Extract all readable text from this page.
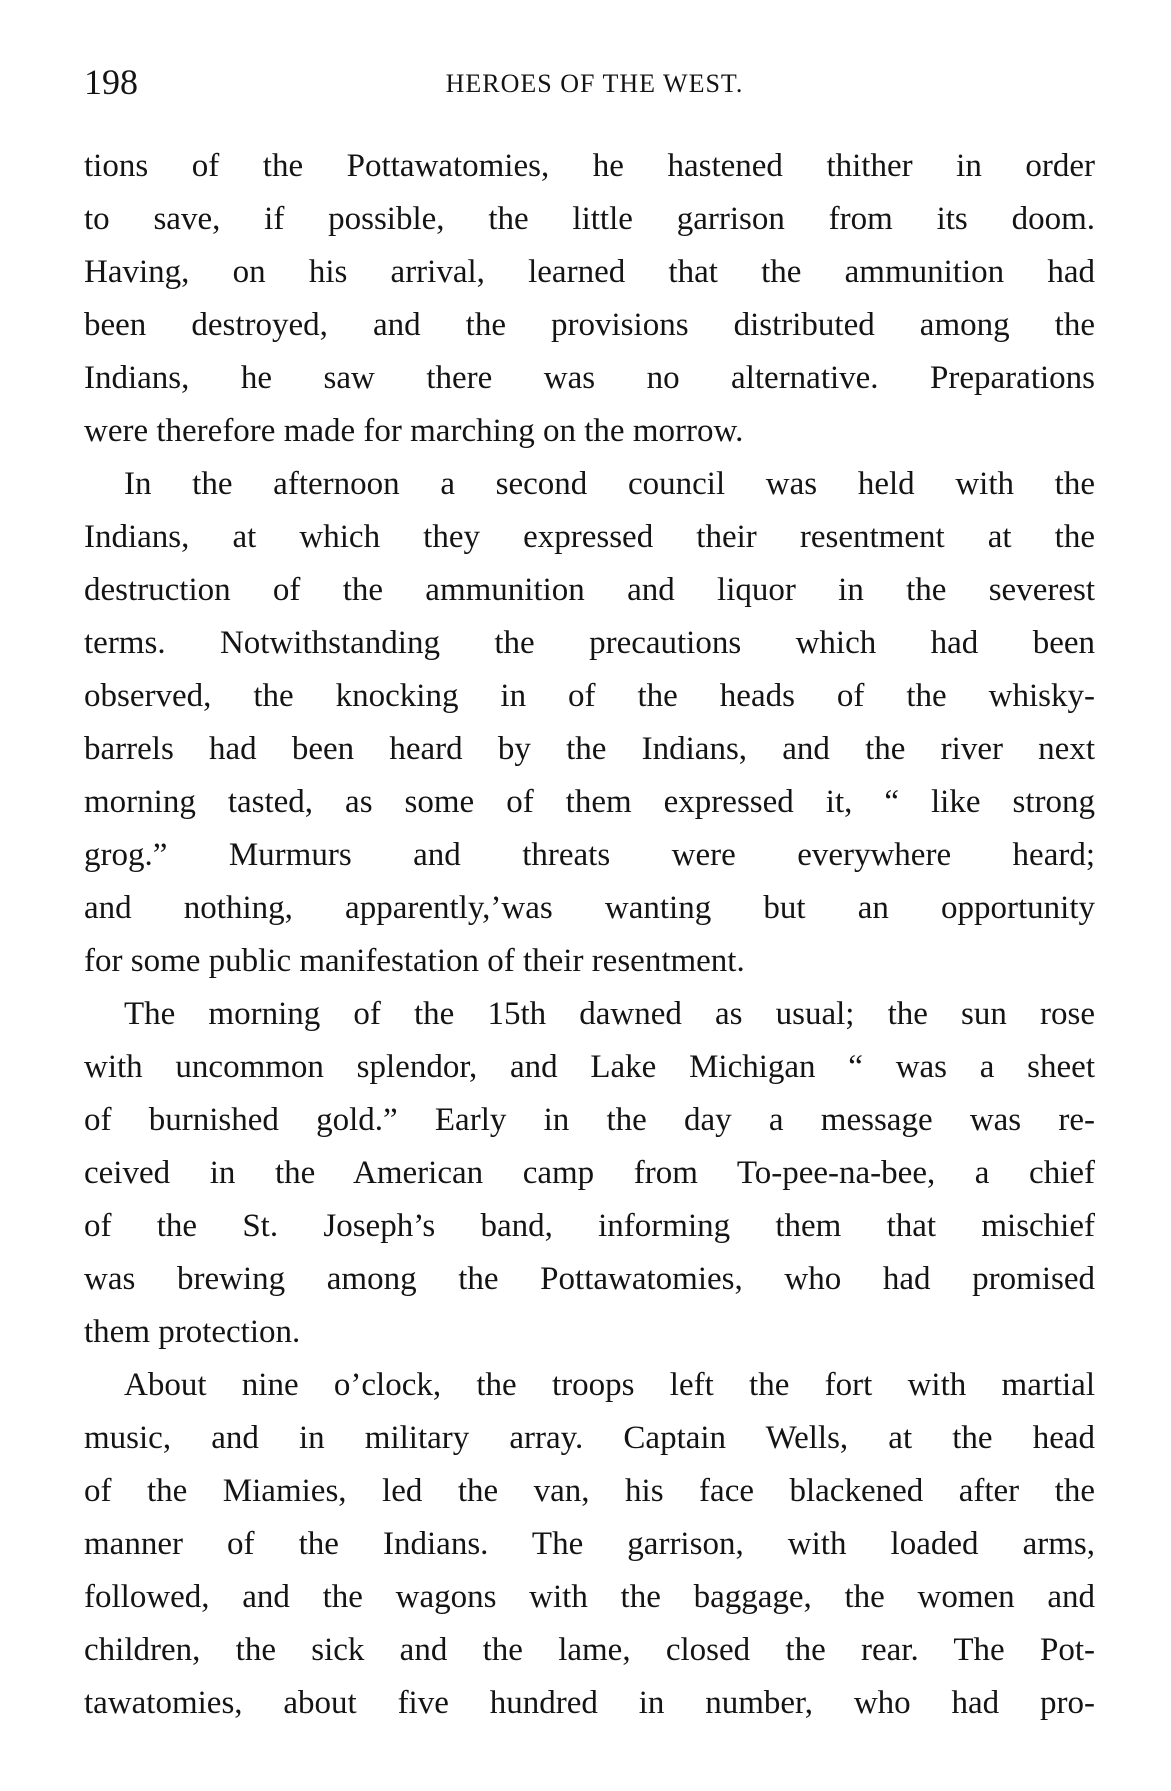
198	HEROES OF THE WEST.

tions of the Pottawatomies, he hastened thither in order
to save, if possible, the little garrison from its doom.
Having, on his arrival, learned that the ammunition had
been destroyed, and the provisions distributed among the
Indians, he saw there was no alternative. Preparations
were therefore made for marching on the morrow.

In the afternoon a second council was held with the
Indians, at which they expressed their resentment at the
destruction of the ammunition and liquor in the severest
terms. Notwithstanding the precautions which had been
observed, the knocking in of the heads of the whisky-
barrels had been heard by the Indians, and the river next
morning tasted, as some of them expressed it, “ like strong
grog.” Murmurs and threats were everywhere heard;
and nothing, apparently,’was wanting but an opportunity
for some public manifestation of their resentment.

The morning of the 15th dawned as usual; the sun rose
with uncommon splendor, and Lake Michigan “ was a sheet
of burnished gold.” Early in the day a message was re-
ceived in the American camp from To-pee-na-bee, a chief
of the St. Joseph’s band, informing them that mischief
was brewing among the Pottawatomies, who had promised
them protection.

About nine o’clock, the troops left the fort with martial
music, and in military array. Captain Wells, at the head
of the Miamies, led the van, his face blackened after the
manner of the Indians. The garrison, with loaded arms,
followed, and the wagons with the baggage, the women and
children, the sick and the lame, closed the rear. The Pot-
tawatomies, about five hundred in number, who had pro-
